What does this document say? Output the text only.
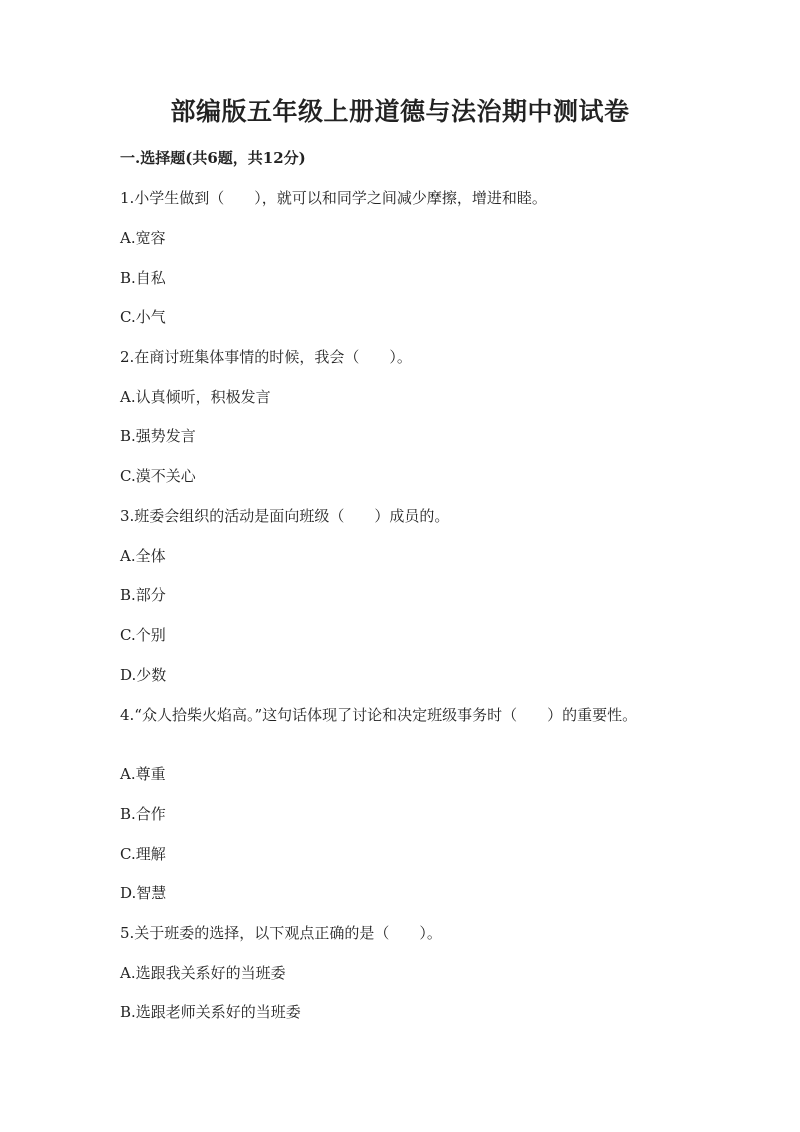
部编版五年级上册道德与法治期中测试卷
一.选择题(共6题，共12分)

1.小学生做到（　　），就可以和同学之间减少摩擦，增进和睦。

A.宽容

B.自私

C.小气

2.在商讨班集体事情的时候，我会（　　）。

A.认真倾听，积极发言

B.强势发言

C.漠不关心

3.班委会组织的活动是面向班级（　　）成员的。

A.全体

B.部分

C.个别

D.少数

4.“众人拾柴火焰高。”这句话体现了讨论和决定班级事务时（　　）的重要性。

A.尊重

B.合作

C.理解

D.智慧

5.关于班委的选择，以下观点正确的是（　　）。

A.选跟我关系好的当班委

B.选跟老师关系好的当班委
